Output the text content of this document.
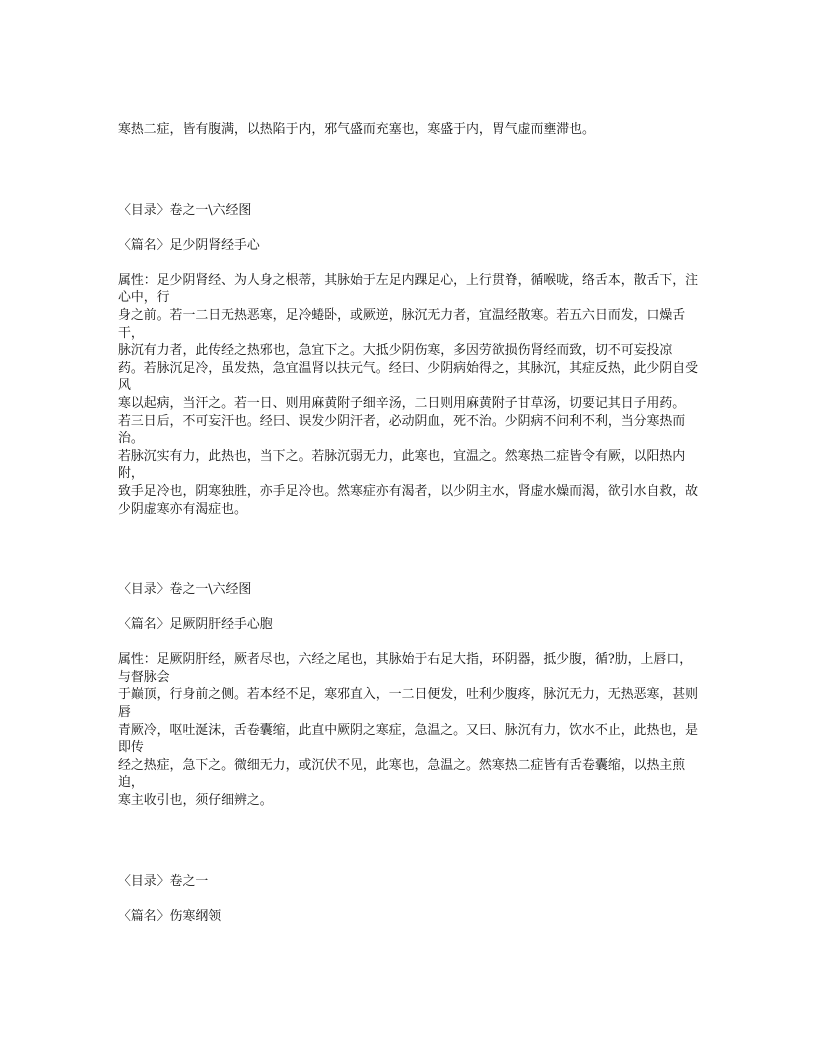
寒热二症，皆有腹满，以热陷于内，邪气盛而充塞也，寒盛于内，胃气虚而壅滞也。

〈目录〉卷之一\六经图

〈篇名〉足少阴肾经手心

属性：足少阴肾经、为人身之根蒂，其脉始于左足内踝足心，上行贯脊，循喉咙，络舌本，散舌下，注心中，行

身之前。若一二日无热恶寒，足冷蜷卧，或厥逆，脉沉无力者，宜温经散寒。若五六日而发，口燥舌干，

脉沉有力者，此传经之热邪也，急宜下之。大抵少阴伤寒，多因劳欲损伤肾经而致，切不可妄投凉

药。若脉沉足冷，虽发热，急宜温肾以扶元气。经曰、少阴病始得之，其脉沉，其症反热，此少阴自受风

寒以起病，当汗之。若一日、则用麻黄附子细辛汤，二日则用麻黄附子甘草汤，切要记其日子用药。

若三日后，不可妄汗也。经曰、误发少阴汗者，必动阴血，死不治。少阴病不问利不利，当分寒热而治。

若脉沉实有力，此热也，当下之。若脉沉弱无力，此寒也，宜温之。然寒热二症皆令有厥，以阳热内附，

致手足冷也，阴寒独胜，亦手足冷也。然寒症亦有渴者，以少阴主水，肾虚水燥而渴，欲引水自救，故

少阴虚寒亦有渴症也。

〈目录〉卷之一\六经图

〈篇名〉足厥阴肝经手心胞

属性：足厥阴肝经，厥者尽也，六经之尾也，其脉始于右足大指，环阴器，抵少腹，循?肋，上唇口，与督脉会

于巅顶，行身前之侧。若本经不足，寒邪直入，一二日便发，吐利少腹疼，脉沉无力，无热恶寒，甚则唇

青厥冷，呕吐涎沫，舌卷囊缩，此直中厥阴之寒症，急温之。又曰、脉沉有力，饮水不止，此热也，是即传

经之热症，急下之。微细无力，或沉伏不见，此寒也，急温之。然寒热二症皆有舌卷囊缩，以热主煎迫，

寒主收引也，须仔细辨之。

〈目录〉卷之一

〈篇名〉伤寒纲领
